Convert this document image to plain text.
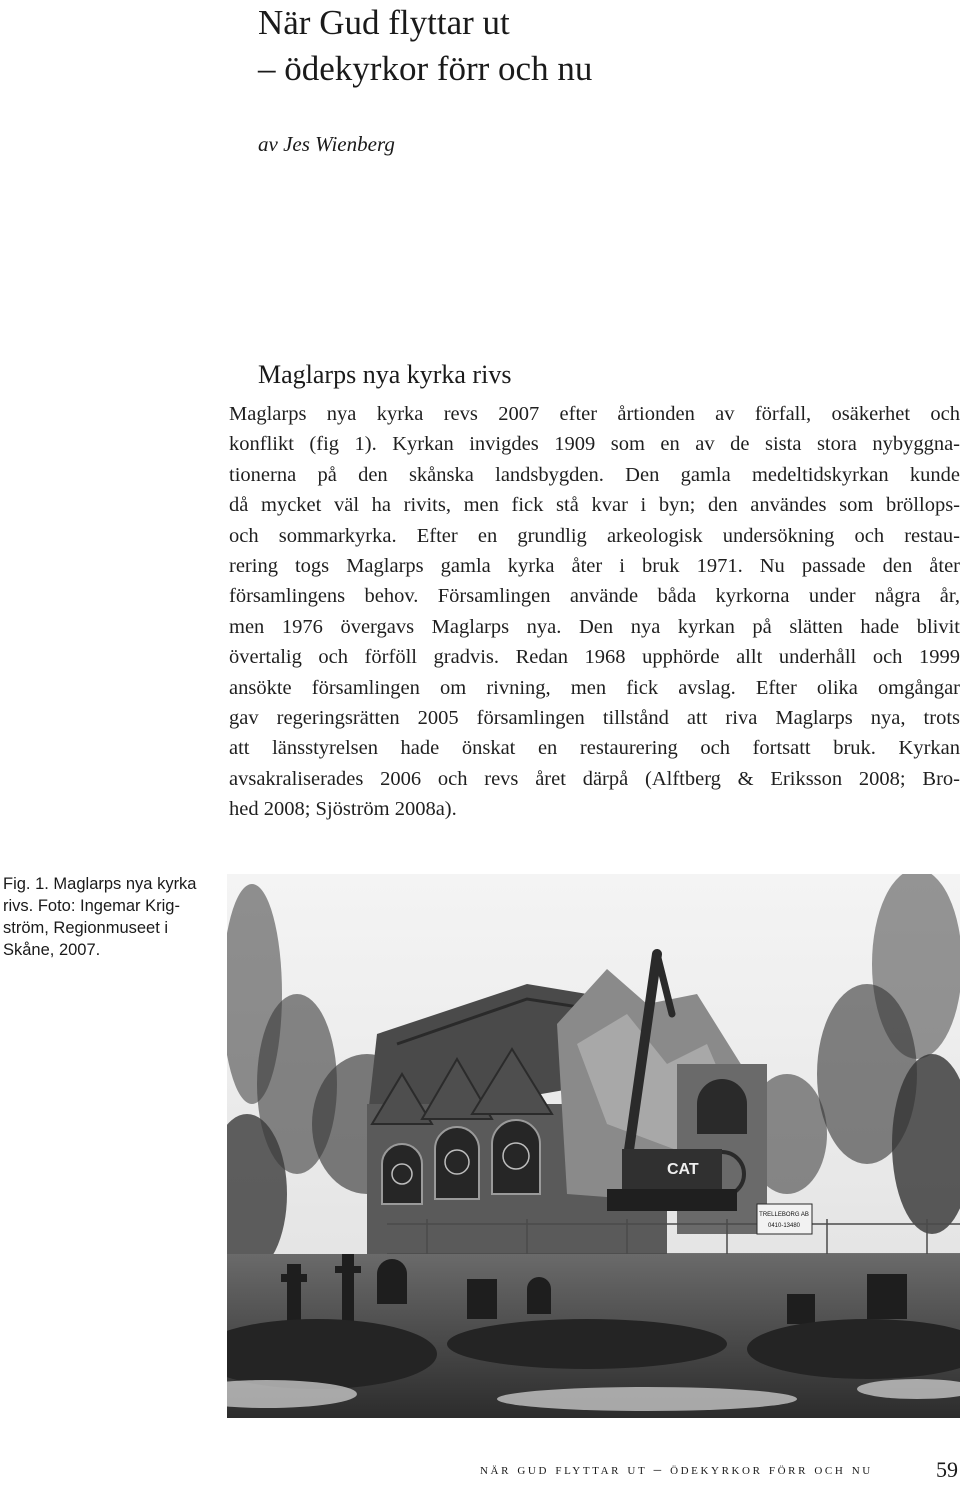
När Gud flyttar ut
– ödekyrkor förr och nu

av Jes Wienberg

Maglarps nya kyrka rivs
Maglarps nya kyrka revs 2007 efter årtionden av förfall, osäkerhet och
konflikt (fig 1). Kyrkan invigdes 1909 som en av de sista stora nybyggna-
tionerna på den skånska landsbygden. Den gamla medeltidskyrkan kunde
då mycket väl ha rivits, men fick stå kvar i byn; den användes som bröllops-
och sommarkyrka. Efter en grundlig arkeologisk undersökning och restau-
rering togs Maglarps gamla kyrka åter i bruk 1971. Nu passade den åter
församlingens behov. Församlingen använde båda kyrkorna under några år,
men 1976 övergavs Maglarps nya. Den nya kyrkan på slätten hade blivit
övertalig och förföll gradvis. Redan 1968 upphörde allt underhåll och 1999
ansökte församlingen om rivning, men fick avslag. Efter olika omgångar
gav regeringsrätten 2005 församlingen tillstånd att riva Maglarps nya, trots
att länsstyrelsen hade önskat en restaurering och fortsatt bruk. Kyrkan
avsakraliserades 2006 och revs året därpå (Alftberg & Eriksson 2008; Bro-
hed 2008; Sjöström 2008a).
Fig. 1. Maglarps nya kyrka
rivs. Foto: Ingemar Krig-
ström, Regionmuseet i
Skåne, 2007.
CAT
TRELLEBORG AB
0410-13480
när gud flyttar ut – ödekyrkor förr och nu	59
